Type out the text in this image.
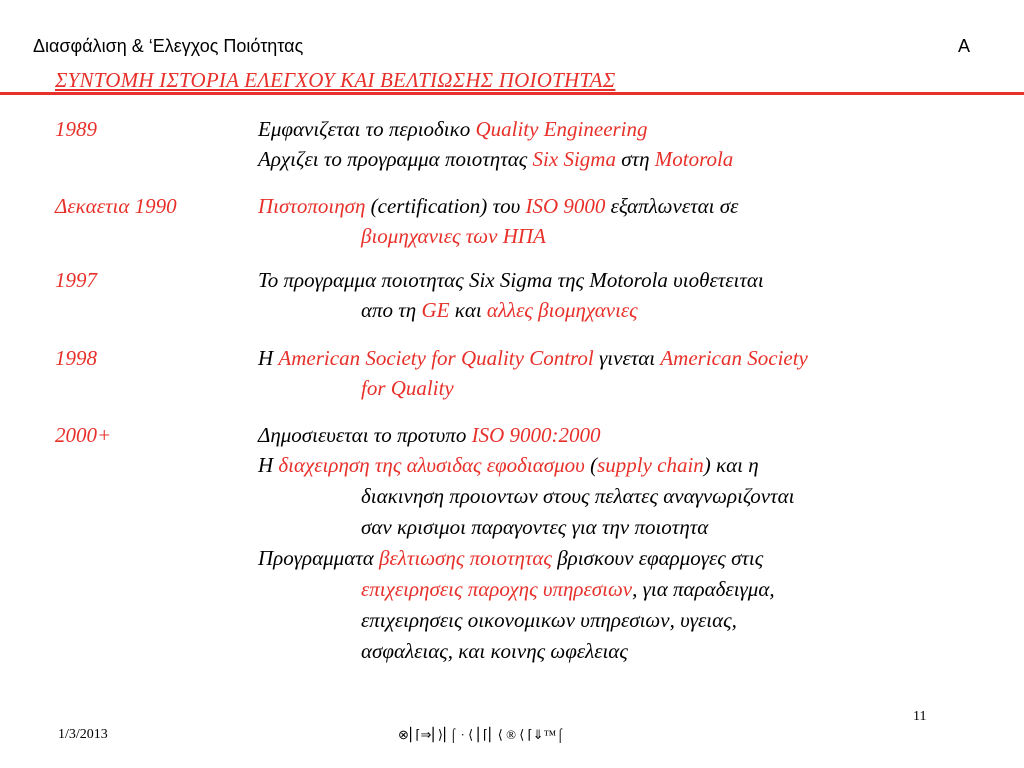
Διασφάλιση & ‘Ελεγχος Ποιότητας	Α
ΣΥΝΤΟΜΗ ΙΣΤΟΡΙΑ ΕΛΕΓΧΟΥ ΚΑΙ ΒΕΛΤΙΩΣΗΣ ΠΟΙΟΤΗΤΑΣ
1989	Εμφανιζεται το περιοδικο Quality Engineering
Αρχιζει το προγραμμα ποιοτητας Six Sigma στη Motorola
Δεκαετια 1990	Πιστοποιηση (certification) του ISO 9000 εξαπλωνεται σε
βιομηχανιες των ΗΠΑ
1997	Το προγραμμα ποιοτητας Six Sigma της Motorola υιοθετειται
απο τη GE και αλλες βιομηχανιες
1998	Η American Society for Quality Control γινεται American Society
for Quality
2000+	Δημοσιευεται το προτυπο ISO 9000:2000
Η διαχειρηση της αλυσιδας εφοδιασμου (supply chain) και η
διακινηση προιοντων στους πελατες αναγνωριζονται
σαν κρισιμοι παραγοντες για την ποιοτητα
Προγραμματα βελτιωσης ποιοτητας βρισκουν εφαρμογες στις
επιχειρησεις παροχης υπηρεσιων, για παραδειγμα,
επιχειρησεις οικονομικων υπηρεσιων, υγειας,
ασφαλειας, και κοινης ωφελειας
11
1/3/2013	⊗⎜⌈⇒⎜⟩⎜⌠ · ⟨ ⎜⌈⎜ ⟨ ® ⟨ ⌈⇓™⌠
